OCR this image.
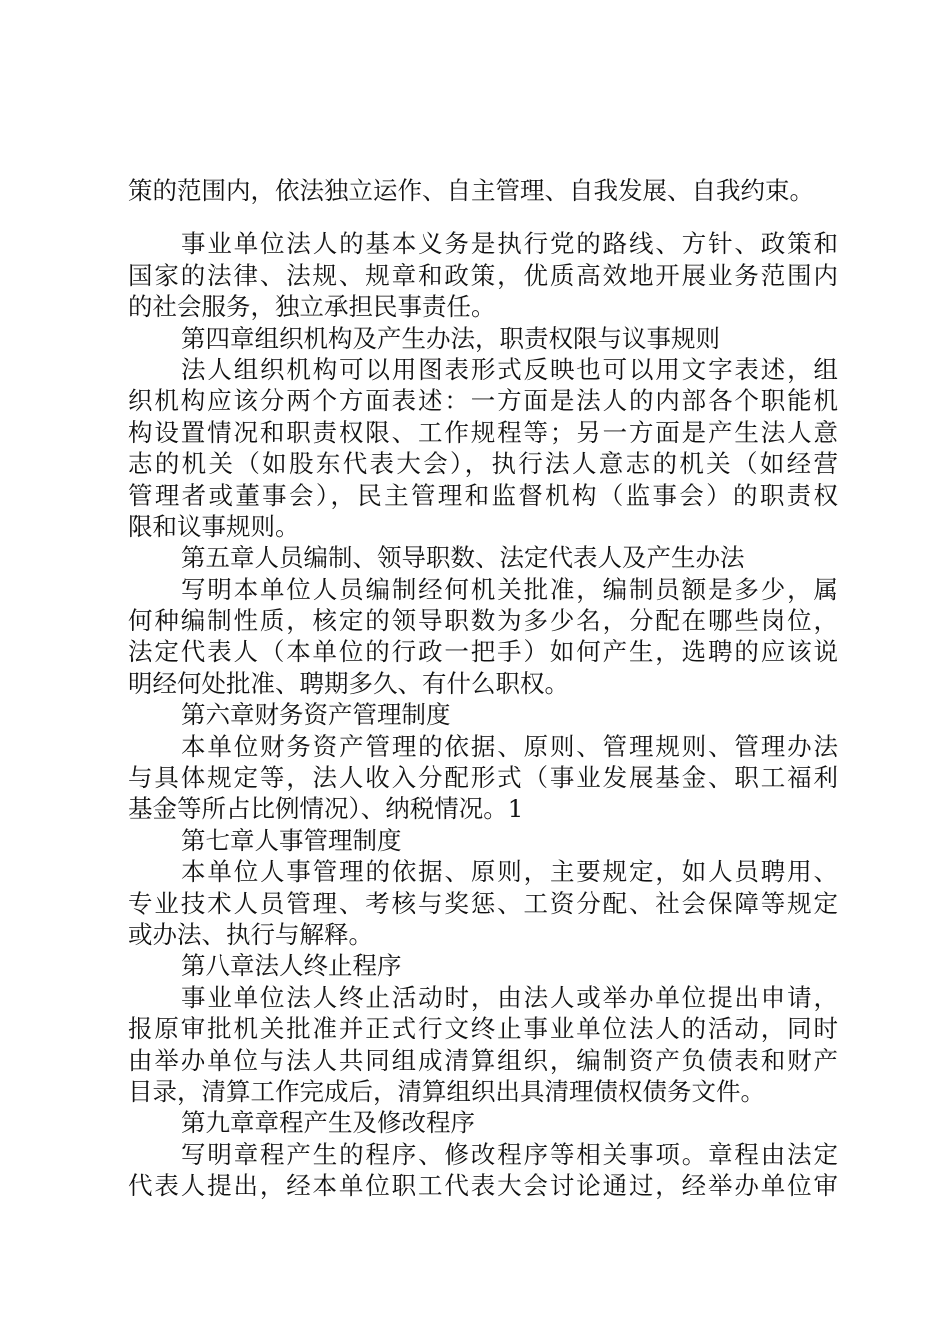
策的范围内，依法独立运作、自主管理、自我发展、自我约束。
事业单位法人的基本义务是执行党的路线、方针、政策和
国家的法律、法规、规章和政策，优质高效地开展业务范围内
的社会服务，独立承担民事责任。
第四章组织机构及产生办法，职责权限与议事规则
法人组织机构可以用图表形式反映也可以用文字表述，组
织机构应该分两个方面表述：一方面是法人的内部各个职能机
构设置情况和职责权限、工作规程等；另一方面是产生法人意
志的机关（如股东代表大会），执行法人意志的机关（如经营
管理者或董事会），民主管理和监督机构（监事会）的职责权
限和议事规则。
第五章人员编制、领导职数、法定代表人及产生办法
写明本单位人员编制经何机关批准，编制员额是多少，属
何种编制性质，核定的领导职数为多少名，分配在哪些岗位，
法定代表人（本单位的行政一把手）如何产生，选聘的应该说
明经何处批准、聘期多久、有什么职权。
第六章财务资产管理制度
本单位财务资产管理的依据、原则、管理规则、管理办法
与具体规定等，法人收入分配形式（事业发展基金、职工福利
基金等所占比例情况）、纳税情况。1
第七章人事管理制度
本单位人事管理的依据、原则，主要规定，如人员聘用、
专业技术人员管理、考核与奖惩、工资分配、社会保障等规定
或办法、执行与解释。
第八章法人终止程序
事业单位法人终止活动时，由法人或举办单位提出申请，
报原审批机关批准并正式行文终止事业单位法人的活动，同时
由举办单位与法人共同组成清算组织，编制资产负债表和财产
目录，清算工作完成后，清算组织出具清理债权债务文件。
第九章章程产生及修改程序
写明章程产生的程序、修改程序等相关事项。章程由法定
代表人提出，经本单位职工代表大会讨论通过，经举办单位审
